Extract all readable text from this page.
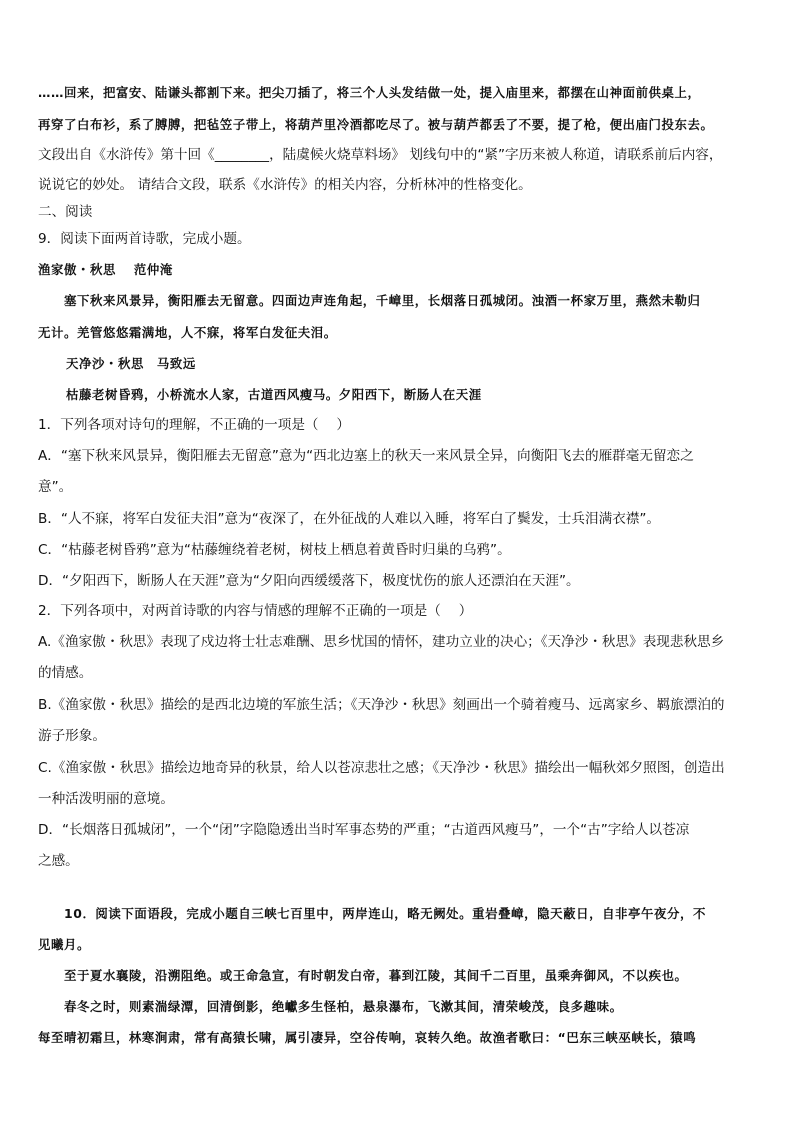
……回来，把富安、陆谦头都割下来。把尖刀插了，将三个人头发结做一处，提入庙里来，都摆在山神面前供桌上，
再穿了白布衫，系了膊膊，把毡笠子带上，将葫芦里冷酒都吃尽了。被与葫芦都丢了不要，提了枪，便出庙门投东去。
文段出自《水浒传》第十回《________，陆虞候火烧草料场》 划线句中的“紧”字历来被人称道，请联系前后内容，
说说它的妙处。 请结合文段，联系《水浒传》的相关内容，分析林冲的性格变化。
二、阅读
9．阅读下面两首诗歌，完成小题。
渔家傲・秋思　 范仲淹
塞下秋来风景异，衡阳雁去无留意。四面边声连角起，千嶂里，长烟落日孤城闭。浊酒一杯家万里，燕然未勒归
无计。羌管悠悠霜满地，人不寐，将军白发征夫泪。
天净沙・秋思　马致远
枯藤老树昏鸦，小桥流水人家，古道西风瘦马。夕阳西下，断肠人在天涯
1．下列各项对诗句的理解，不正确的一项是（　 ）
A．“塞下秋来风景异，衡阳雁去无留意”意为“西北边塞上的秋天一来风景全异，向衡阳飞去的雁群毫无留恋之
意”。
B．“人不寐，将军白发征夫泪”意为“夜深了，在外征战的人难以入睡，将军白了鬓发，士兵泪满衣襟”。
C．“枯藤老树昏鸦”意为“枯藤缠绕着老树，树枝上栖息着黄昏时归巢的乌鸦”。
D．“夕阳西下，断肠人在天涯”意为“夕阳向西缓缓落下，极度忧伤的旅人还漂泊在天涯”。
2．下列各项中，对两首诗歌的内容与情感的理解不正确的一项是（　 ）
A.《渔家傲・秋思》表现了戍边将士壮志难酬、思乡忧国的情怀，建功立业的决心；《天净沙・秋思》表现悲秋思乡
的情感。
B.《渔家傲・秋思》描绘的是西北边境的军旅生活；《天净沙・秋思》刻画出一个骑着瘦马、远离家乡、羁旅漂泊的
游子形象。
C.《渔家傲・秋思》描绘边地奇异的秋景，给人以苍凉悲壮之感；《天净沙・秋思》描绘出一幅秋郊夕照图，创造出
一种活泼明丽的意境。
D．“长烟落日孤城闭”，一个“闭”字隐隐透出当时军事态势的严重；“古道西风瘦马”，一个“古”字给人以苍凉
之感。
10．阅读下面语段，完成小题自三峡七百里中，两岸连山，略无阙处。重岩叠嶂，隐天蔽日，自非亭午夜分，不
见曦月。
至于夏水襄陵，沿溯阻绝。或王命急宣，有时朝发白帝，暮到江陵，其间千二百里，虽乘奔御风，不以疾也。
春冬之时，则素湍绿潭，回清倒影，绝巘多生怪柏，悬泉瀑布，飞漱其间，清荣峻茂，良多趣味。
每至晴初霜旦，林寒涧肃，常有高猿长啸，属引凄异，空谷传响，哀转久绝。故渔者歌曰：“巴东三峡巫峡长，猿鸣
